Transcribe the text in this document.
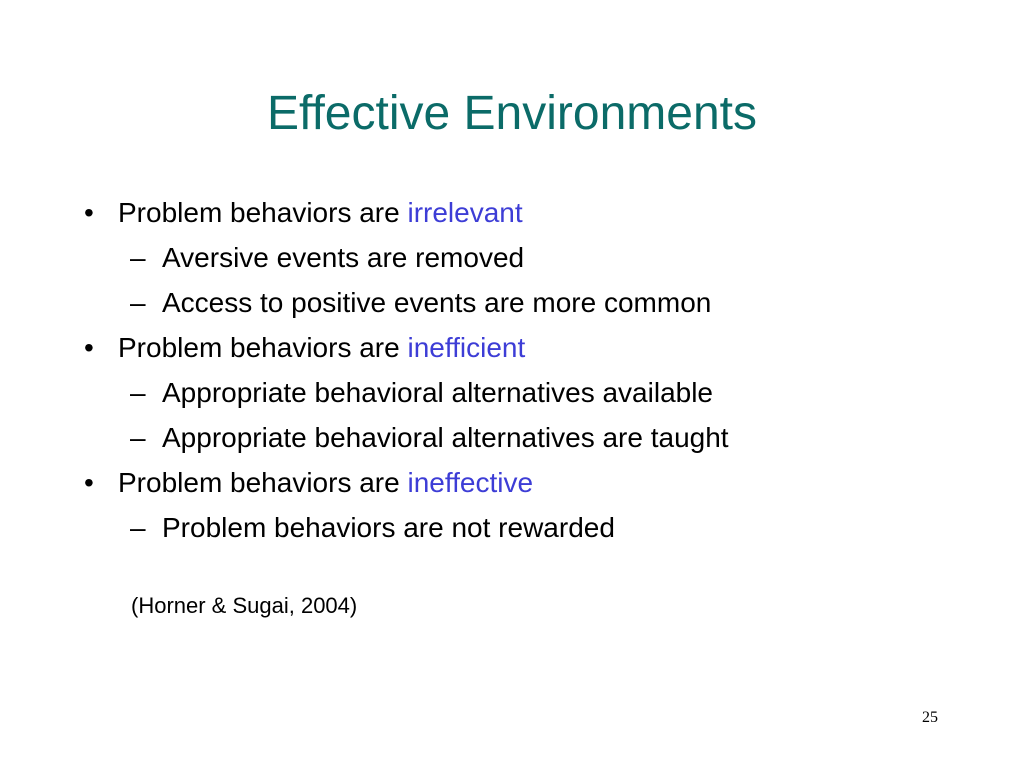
Effective Environments
• Problem behaviors are irrelevant
– Aversive events are removed
– Access to positive events are more common
• Problem behaviors are inefficient
– Appropriate behavioral alternatives available
– Appropriate behavioral alternatives are taught
• Problem behaviors are ineffective
– Problem behaviors are not rewarded
(Horner & Sugai, 2004)
25
